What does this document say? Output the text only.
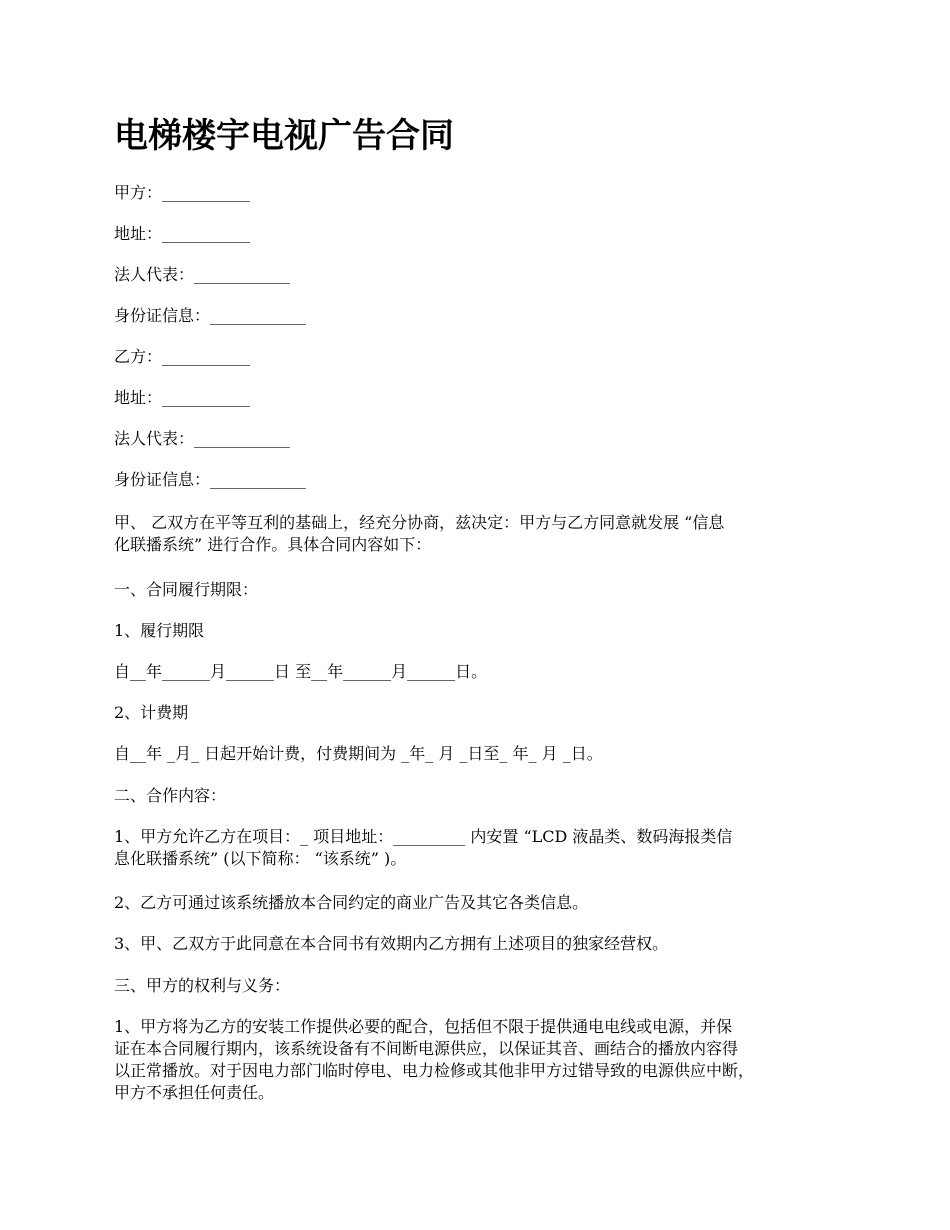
电梯楼宇电视广告合同

甲方：___________

地址：___________

法人代表：____________

身份证信息：____________

乙方：___________

地址：___________

法人代表：____________

身份证信息：____________

甲、 乙双方在平等互利的基础上，经充分协商，兹决定：甲方与乙方同意就发展 “信息
化联播系统” 进行合作。具体合同内容如下：

一、合同履行期限：

1、履行期限

自__年______月______日 至__年______月______日。

2、计费期

自__年 _月_ 日起开始计费，付费期间为 _年_ 月 _日至_ 年_ 月 _日。

二、合作内容：

1、甲方允许乙方在项目：_ 项目地址：_________ 内安置 “LCD 液晶类、数码海报类信
息化联播系统” (以下简称： “该系统” )。

2、乙方可通过该系统播放本合同约定的商业广告及其它各类信息。

3、甲、乙双方于此同意在本合同书有效期内乙方拥有上述项目的独家经营权。

三、甲方的权利与义务：

1、甲方将为乙方的安装工作提供必要的配合，包括但不限于提供通电电线或电源，并保
证在本合同履行期内，该系统设备有不间断电源供应，以保证其音、画结合的播放内容得
以正常播放。对于因电力部门临时停电、电力检修或其他非甲方过错导致的电源供应中断，
甲方不承担任何责任。
